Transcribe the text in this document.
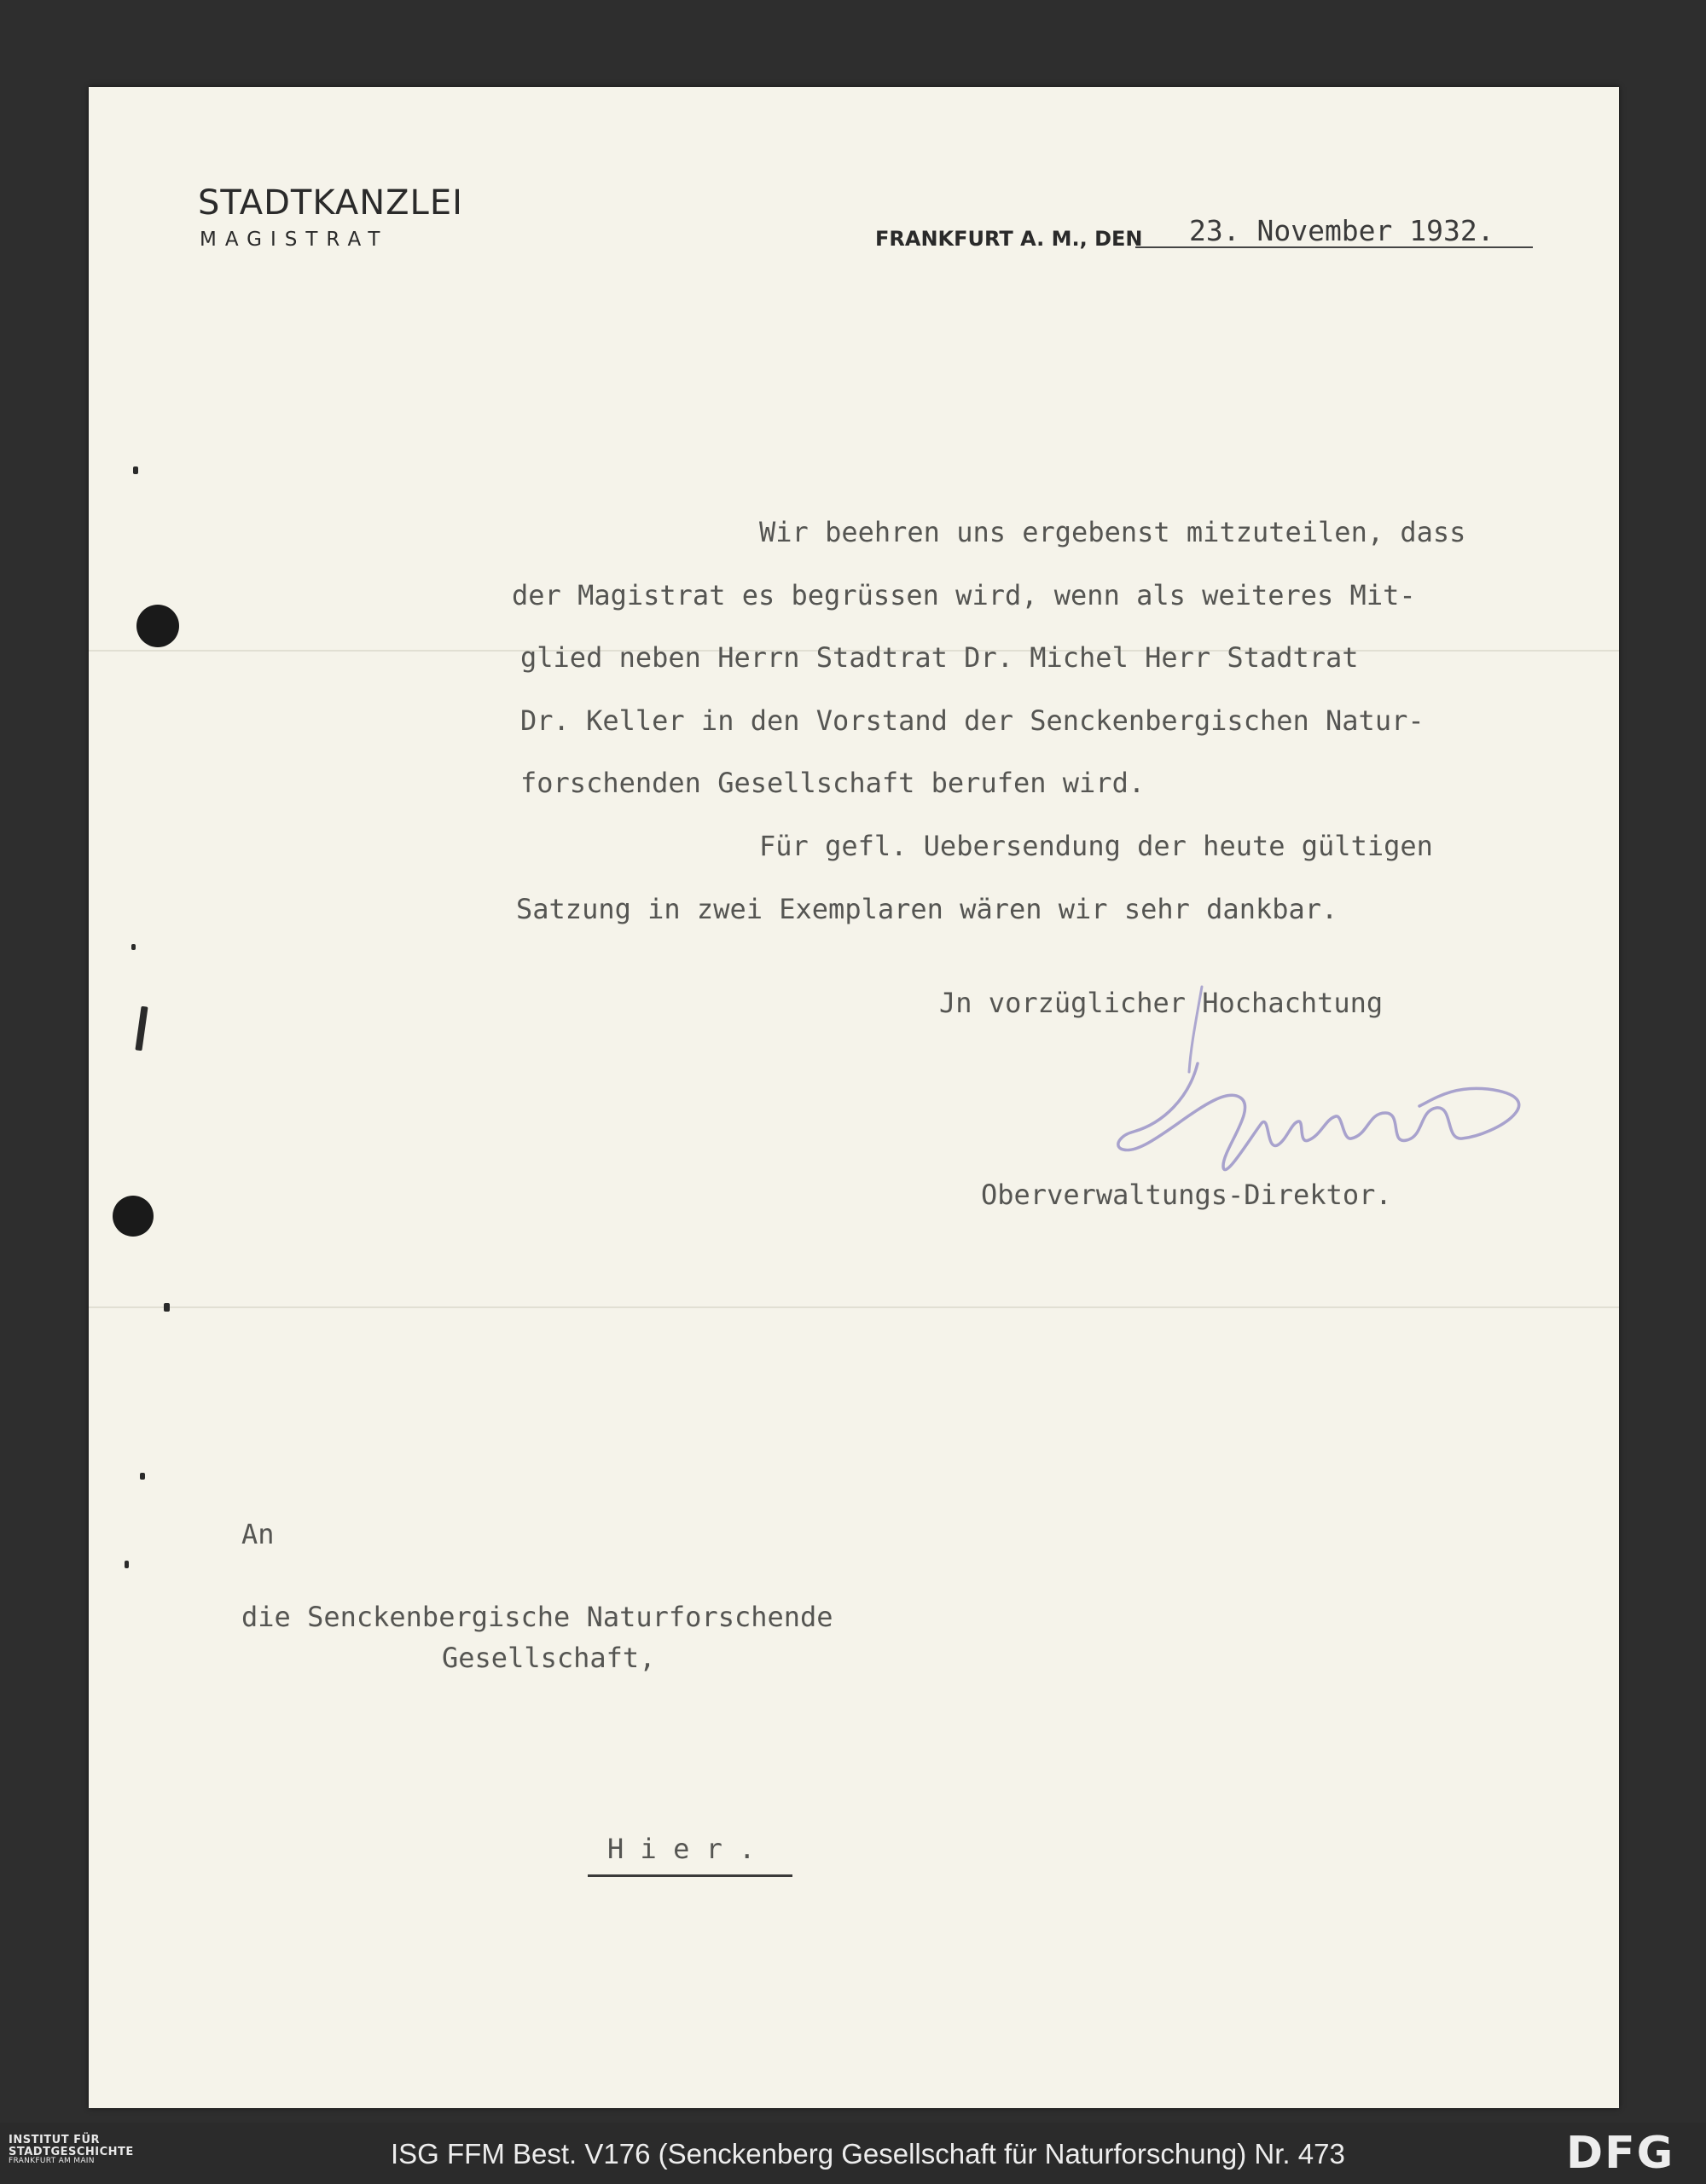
STADTKANZLEI
MAGISTRAT	FRANKFURT A. M., DEN 23. November 1932.
Wir beehren uns ergebenst mitzuteilen, dass
der Magistrat es begrüssen wird, wenn als weiteres Mit-
glied neben Herrn Stadtrat Dr. Michel Herr Stadtrat
Dr. Keller in den Vorstand der Senckenbergischen Natur-
forschenden Gesellschaft berufen wird.
Für gefl. Uebersendung der heute gültigen
Satzung in zwei Exemplaren wären wir sehr dankbar.
Jn vorzüglicher Hochachtung
Oberverwaltungs-Direktor.
An
die Senckenbergische Naturforschende
Gesellschaft,
H i e r .
INSTITUT FÜR
STADTGESCHICHTE
FRANKFURT AM MAIN	ISG FFM Best. V176 (Senckenberg Gesellschaft für Naturforschung) Nr. 473	DFG
